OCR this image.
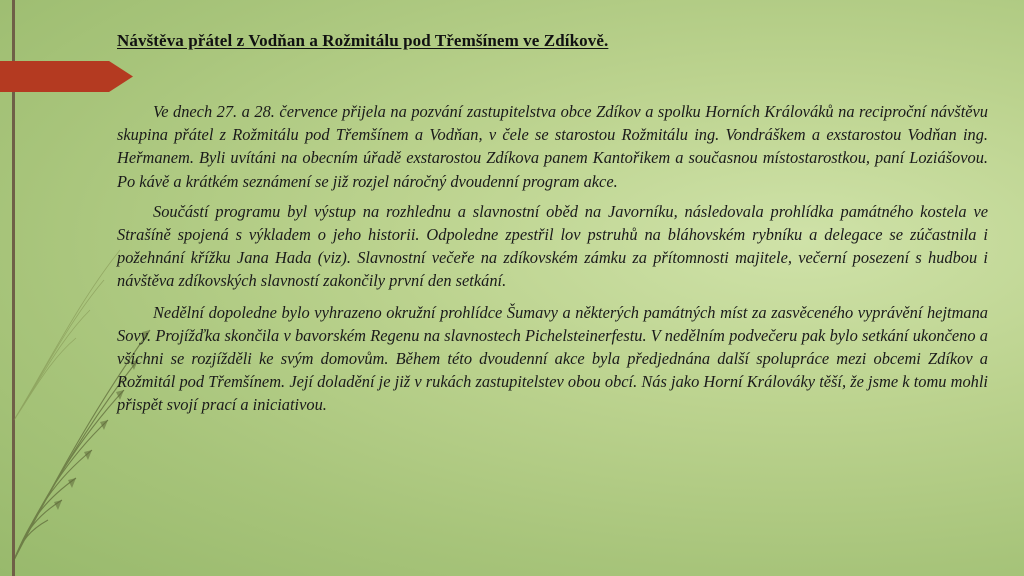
Návštěva přátel z Vodňan a Rožmitálu pod Třemšínem ve Zdíkově.

Ve dnech 27. a 28. července přijela na pozvání zastupitelstva obce Zdíkov a spolku Horních Králováků na reciproční návštěvu skupina přátel z Rožmitálu pod Třemšínem a Vodňan, v čele se starostou Rožmitálu ing. Vondráškem a exstarostou Vodňan ing. Heřmanem. Byli uvítáni na obecním úřadě exstarostou Zdíkova panem Kantořikem a současnou místostarostkou, paní Loziášovou. Po kávě a krátkém seznámení se již rozjel náročný dvoudenní program akce.

Součástí programu byl výstup na rozhlednu a slavnostní oběd na Javorníku, následovala prohlídka památného kostela ve Strašíně spojená s výkladem o jeho historii. Odpoledne zpestřil lov pstruhů na bláhovském rybníku a delegace se zúčastnila i požehnání křížku Jana Hada (viz). Slavnostní večeře na zdíkovském zámku za přítomnosti majitele, večerní posezení s hudbou i návštěva zdíkovských slavností zakončily první den setkání.

Nedělní dopoledne bylo vyhrazeno okružní prohlídce Šumavy a některých památných míst za zasvěceného vyprávění hejtmana Sovy. Projížďka skončila v bavorském Regenu na slavnostech Pichelsteinerfestu. V nedělním podvečeru pak bylo setkání ukončeno a všichni se rozjížděli ke svým domovům. Během této dvoudenní akce byla předjednána další spolupráce mezi obcemi Zdíkov a Rožmitál pod Třemšínem. Její doladění je již v rukách zastupitelstev obou obcí. Nás jako Horní Králováky těší, že jsme k tomu mohli přispět svojí prací a iniciativou.
